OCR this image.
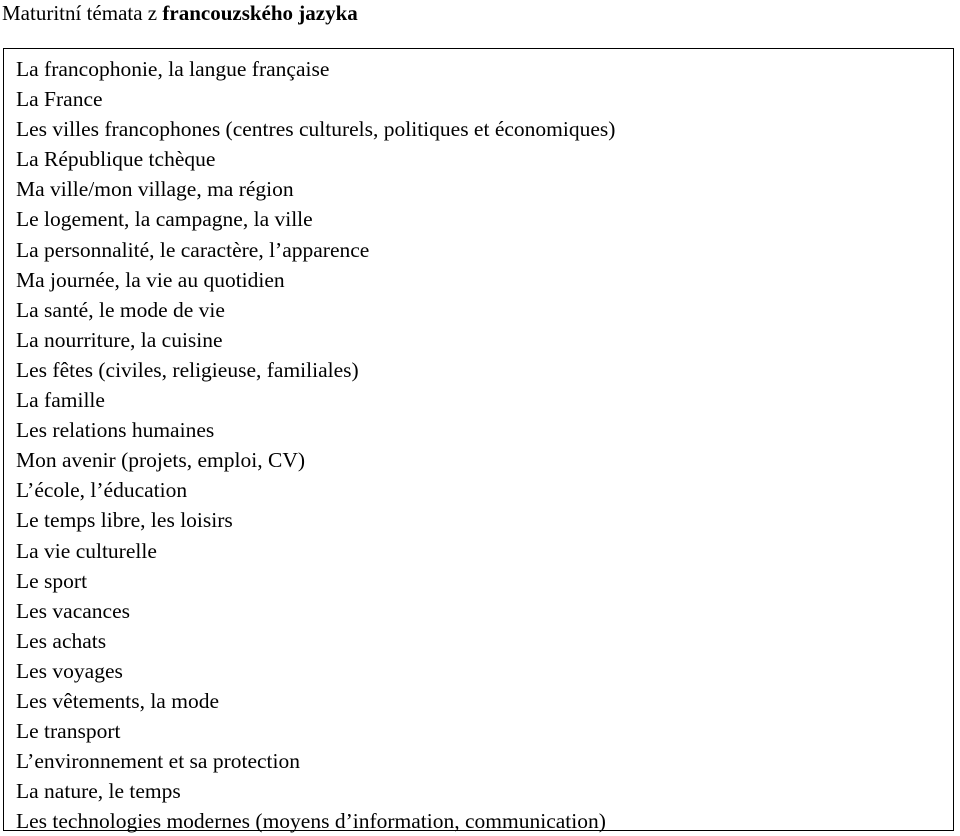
Maturitní témata z francouzského jazyka
La francophonie, la langue française
La France
Les villes francophones (centres culturels, politiques et économiques)
La République tchèque
Ma ville/mon village, ma région
Le logement, la campagne, la ville
La personnalité, le caractère, l’apparence
Ma journée, la vie au quotidien
La santé, le mode de vie
La nourriture, la cuisine
Les fêtes (civiles, religieuse, familiales)
La famille
Les relations humaines
Mon avenir (projets, emploi, CV)
L’école, l’éducation
Le temps libre, les loisirs
La vie culturelle
Le sport
Les vacances
Les achats
Les voyages
Les vêtements, la mode
Le transport
L’environnement et sa protection
La nature, le temps
Les technologies modernes (moyens d’information, communication)
